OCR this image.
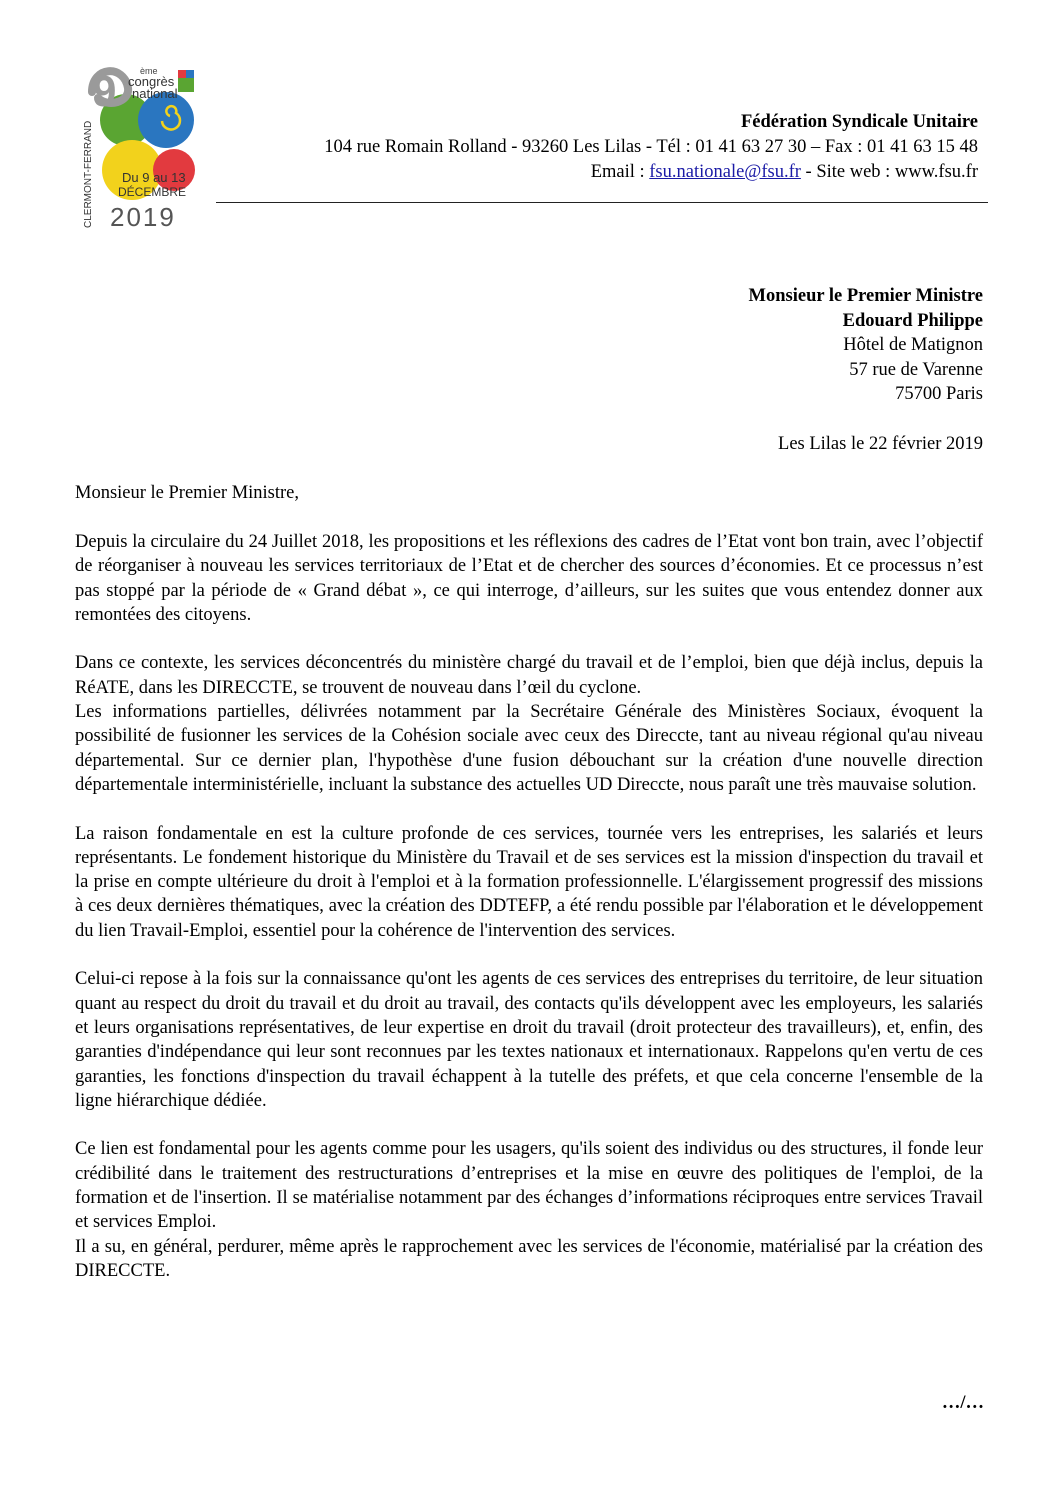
9	ème
congrès
national
CLERMONT-FERRAND Du 9 au 13
DÉCEMBRE
2019
Fédération Syndicale Unitaire
104 rue Romain Rolland - 93260 Les Lilas - Tél : 01 41 63 27 30 – Fax : 01 41 63 15 48
Email : fsu.nationale@fsu.fr - Site web : www.fsu.fr
Monsieur le Premier Ministre
Edouard Philippe
Hôtel de Matignon
57 rue de Varenne
75700 Paris
Les Lilas le 22 février 2019
Monsieur le Premier Ministre,

Depuis la circulaire du 24 Juillet 2018, les propositions et les réflexions des cadres de l’Etat vont bon train, avec l’objectif de réorganiser à nouveau les services territoriaux de l’Etat et de chercher des sources d’économies. Et ce processus n’est pas stoppé par la période de « Grand débat », ce qui interroge, d’ailleurs, sur les suites que vous entendez donner aux remontées des citoyens.

Dans ce contexte, les services déconcentrés du ministère chargé du travail et de l’emploi, bien que déjà inclus, depuis la RéATE, dans les DIRECCTE, se trouvent de nouveau dans l’œil du cyclone.

Les informations partielles, délivrées notamment par la Secrétaire Générale des Ministères Sociaux, évoquent la possibilité de fusionner les services de la Cohésion sociale avec ceux des Direccte, tant au niveau régional qu'au niveau départemental. Sur ce dernier plan, l'hypothèse d'une fusion débouchant sur la création d'une nouvelle direction départementale interministérielle, incluant la substance des actuelles UD Direccte, nous paraît une très mauvaise solution.

La raison fondamentale en est la culture profonde de ces services, tournée vers les entreprises, les salariés et leurs représentants. Le fondement historique du Ministère du Travail et de ses services est la mission d'inspection du travail et la prise en compte ultérieure du droit à l'emploi et à la formation professionnelle. L'élargissement progressif des missions à ces deux dernières thématiques, avec la création des DDTEFP, a été rendu possible par l'élaboration et le développement du lien Travail-Emploi, essentiel pour la cohérence de l'intervention des services.

Celui-ci repose à la fois sur la connaissance qu'ont les agents de ces services des entreprises du territoire, de leur situation quant au respect du droit du travail et du droit au travail, des contacts qu'ils développent avec les employeurs, les salariés et leurs organisations représentatives, de leur expertise en droit du travail (droit protecteur des travailleurs), et, enfin, des garanties d'indépendance qui leur sont reconnues par les textes nationaux et internationaux. Rappelons qu'en vertu de ces garanties, les fonctions d'inspection du travail échappent à la tutelle des préfets, et que cela concerne l'ensemble de la ligne hiérarchique dédiée.

Ce lien est fondamental pour les agents comme pour les usagers, qu'ils soient des individus ou des structures, il fonde leur crédibilité dans le traitement des restructurations d’entreprises et la mise en œuvre des politiques de l'emploi, de la formation et de l'insertion. Il se matérialise notamment par des échanges d’informations réciproques entre services Travail et services Emploi.

Il a su, en général, perdurer, même après le rapprochement avec les services de l'économie, matérialisé par la création des DIRECCTE.

…/…
